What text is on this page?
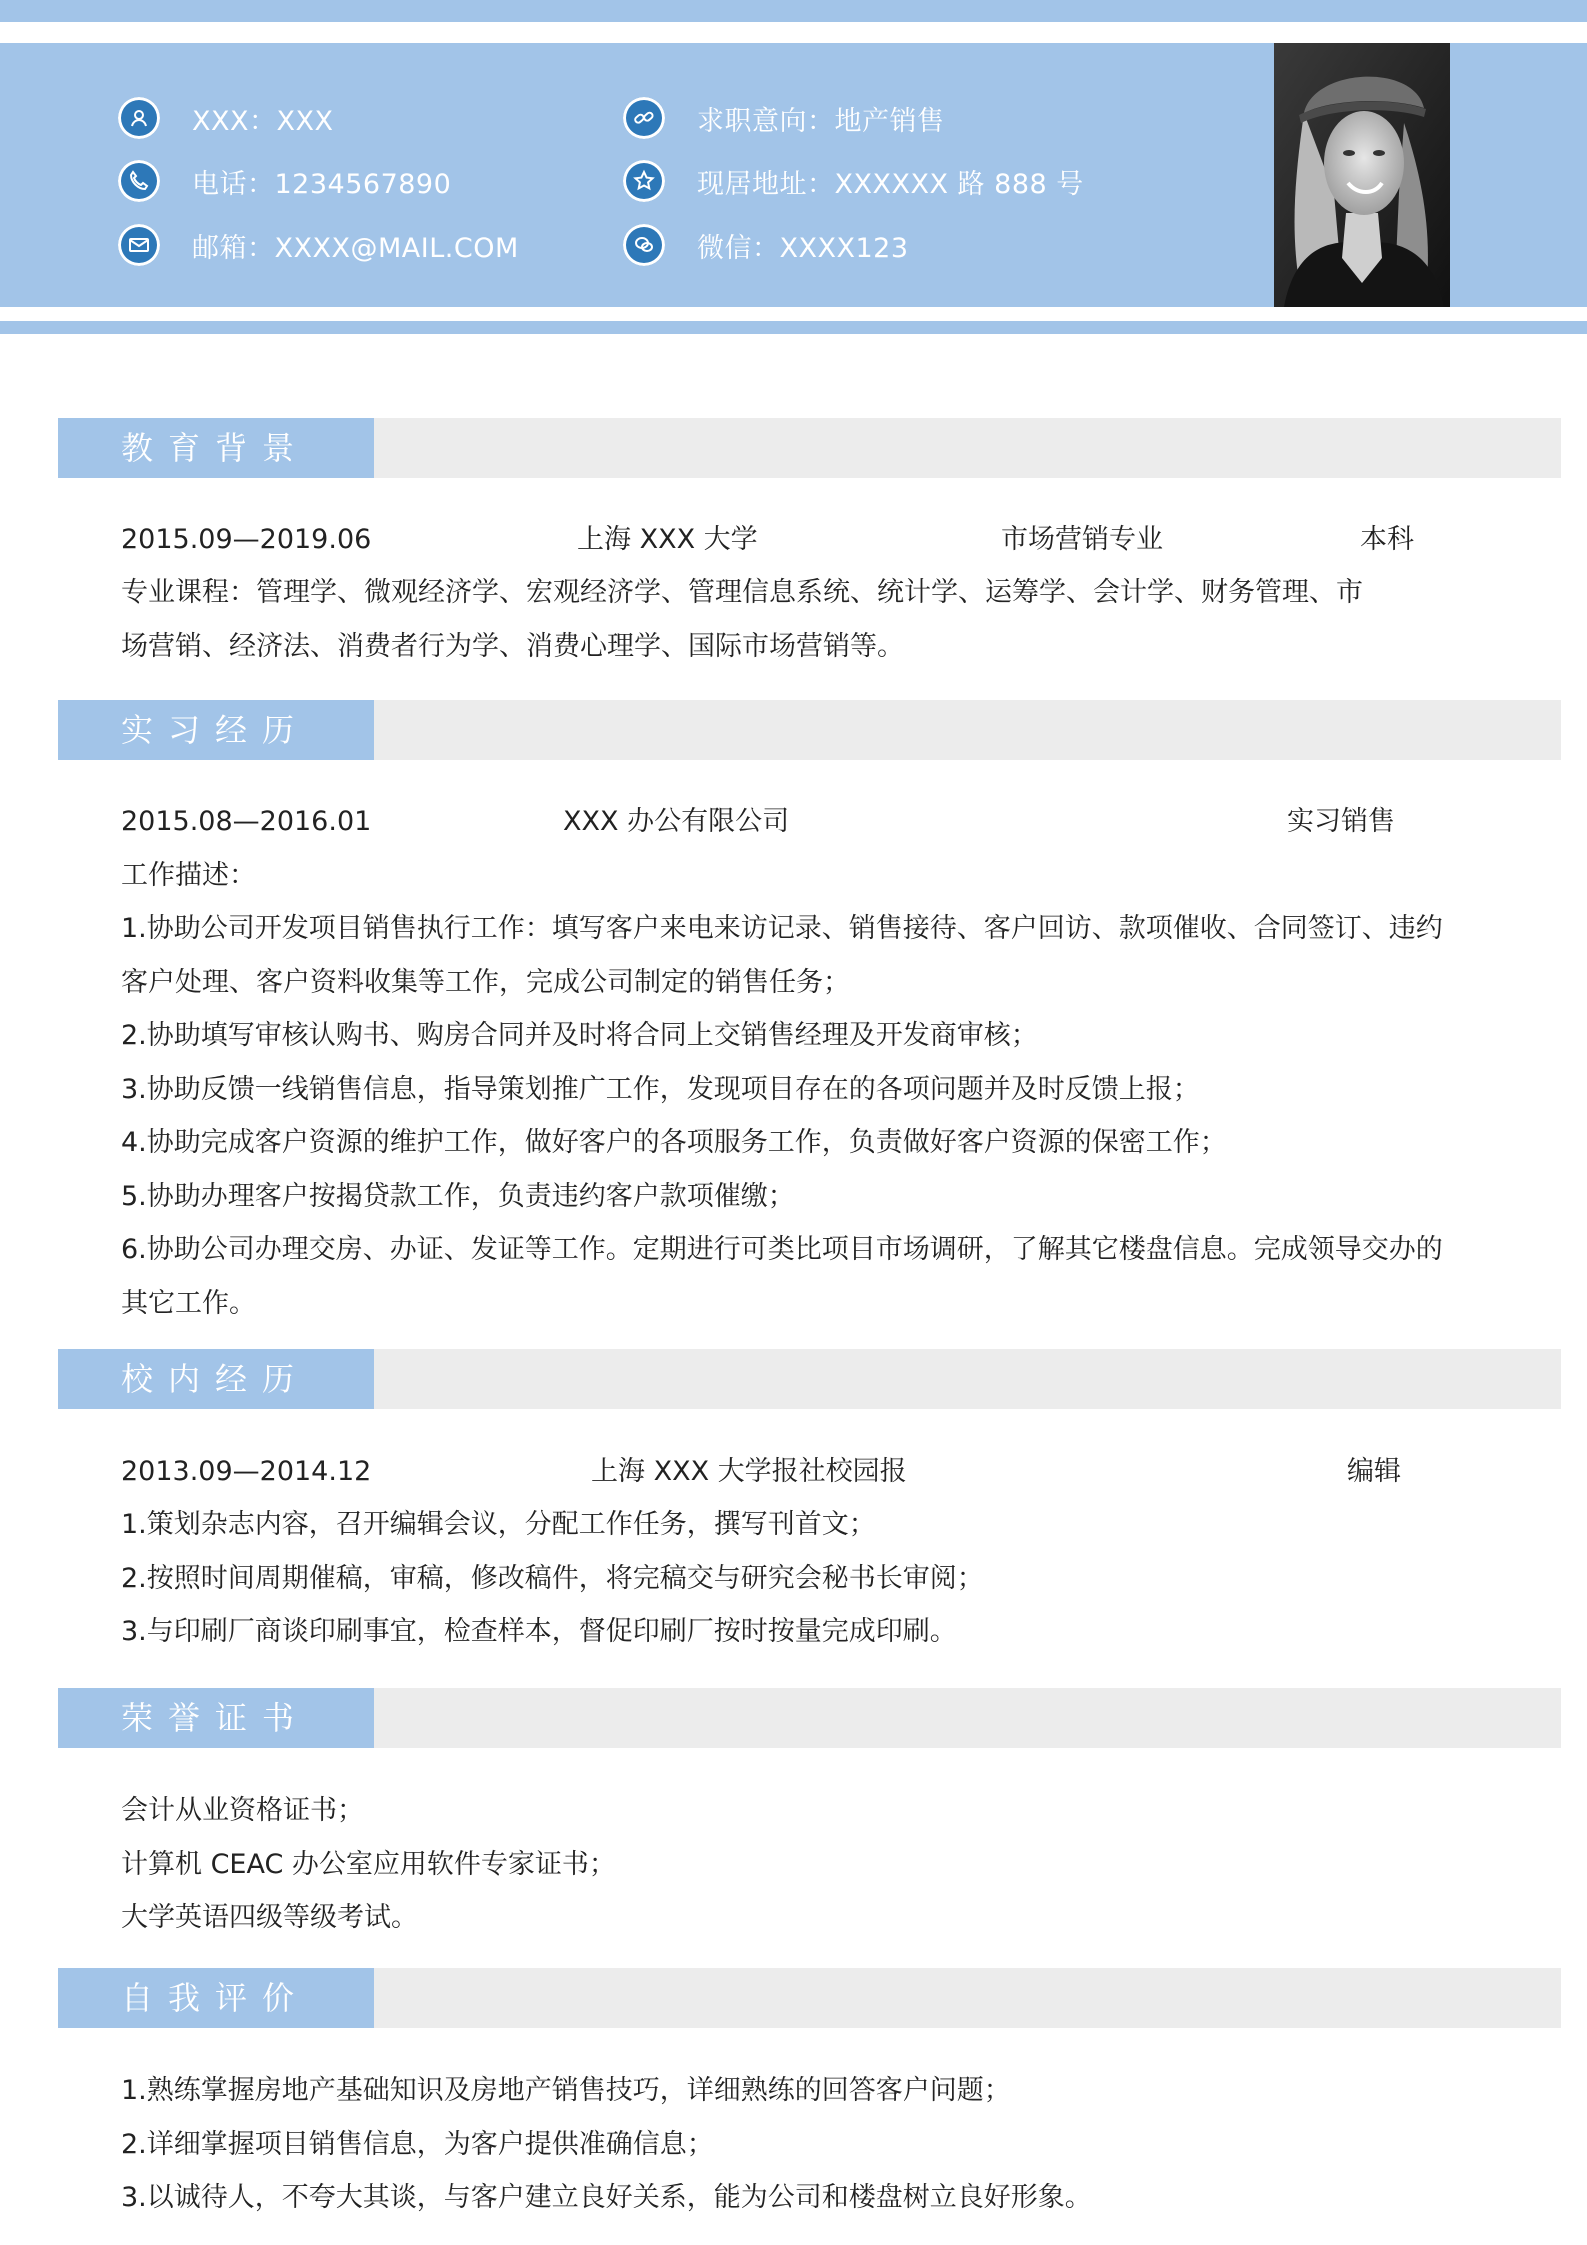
XXX：XXX
电话：1234567890
邮箱：XXXX@MAIL.COM
求职意向：地产销售
现居地址：XXXXXX 路 888 号
微信：XXXX123
教育背景
2015.09—2019.06	上海 XXX 大学	市场营销专业	本科
专业课程：管理学、微观经济学、宏观经济学、管理信息系统、统计学、运筹学、会计学、财务管理、市
场营销、经济法、消费者行为学、消费心理学、国际市场营销等。
实习经历
2015.08—2016.01	XXX 办公有限公司	实习销售
工作描述：
1.协助公司开发项目销售执行工作：填写客户来电来访记录、销售接待、客户回访、款项催收、合同签订、违约
客户处理、客户资料收集等工作，完成公司制定的销售任务；
2.协助填写审核认购书、购房合同并及时将合同上交销售经理及开发商审核；
3.协助反馈一线销售信息，指导策划推广工作，发现项目存在的各项问题并及时反馈上报；
4.协助完成客户资源的维护工作，做好客户的各项服务工作，负责做好客户资源的保密工作；
5.协助办理客户按揭贷款工作，负责违约客户款项催缴；
6.协助公司办理交房、办证、发证等工作。定期进行可类比项目市场调研，了解其它楼盘信息。完成领导交办的
其它工作。
校内经历
2013.09—2014.12	上海 XXX 大学报社校园报	编辑
1.策划杂志内容，召开编辑会议，分配工作任务，撰写刊首文；
2.按照时间周期催稿，审稿，修改稿件，将完稿交与研究会秘书长审阅；
3.与印刷厂商谈印刷事宜，检查样本，督促印刷厂按时按量完成印刷。
荣誉证书
会计从业资格证书；
计算机 CEAC 办公室应用软件专家证书；
大学英语四级等级考试。
自我评价
1.熟练掌握房地产基础知识及房地产销售技巧，详细熟练的回答客户问题；
2.详细掌握项目销售信息，为客户提供准确信息；
3.以诚待人，不夸大其谈，与客户建立良好关系，能为公司和楼盘树立良好形象。
